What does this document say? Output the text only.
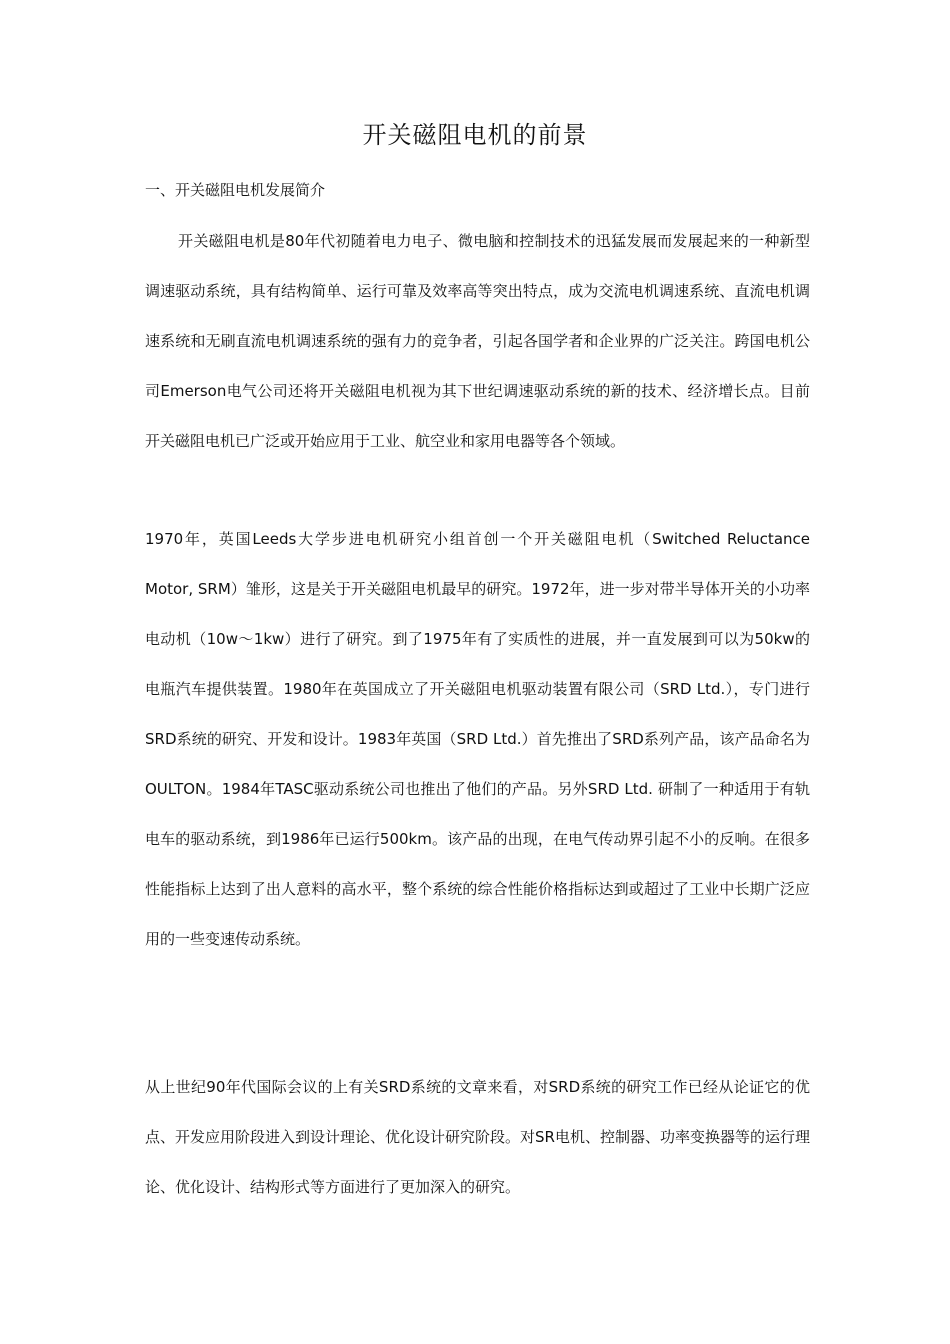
开关磁阻电机的前景
一、开关磁阻电机发展简介

开关磁阻电机是80年代初随着电力电子、微电脑和控制技术的迅猛发展而发展起来的一种新型调速驱动系统，具有结构简单、运行可靠及效率高等突出特点，成为交流电机调速系统、直流电机调速系统和无刷直流电机调速系统的强有力的竞争者，引起各国学者和企业界的广泛关注。跨国电机公司Emerson电气公司还将开关磁阻电机视为其下世纪调速驱动系统的新的技术、经济增长点。目前开关磁阻电机已广泛或开始应用于工业、航空业和家用电器等各个领域。

1970年，英国Leeds大学步进电机研究小组首创一个开关磁阻电机（Switched Reluctance Motor, SRM）雏形，这是关于开关磁阻电机最早的研究。1972年，进一步对带半导体开关的小功率电动机（10w～1kw）进行了研究。到了1975年有了实质性的进展，并一直发展到可以为50kw的电瓶汽车提供装置。1980年在英国成立了开关磁阻电机驱动装置有限公司（SRD Ltd.），专门进行SRD系统的研究、开发和设计。1983年英国（SRD Ltd.）首先推出了SRD系列产品，该产品命名为OULTON。1984年TASC驱动系统公司也推出了他们的产品。另外SRD Ltd. 研制了一种适用于有轨电车的驱动系统，到1986年已运行500km。该产品的出现，在电气传动界引起不小的反响。在很多性能指标上达到了出人意料的高水平，整个系统的综合性能价格指标达到或超过了工业中长期广泛应用的一些变速传动系统。

从上世纪90年代国际会议的上有关SRD系统的文章来看，对SRD系统的研究工作已经从论证它的优点、开发应用阶段进入到设计理论、优化设计研究阶段。对SR电机、控制器、功率变换器等的运行理论、优化设计、结构形式等方面进行了更加深入的研究。
